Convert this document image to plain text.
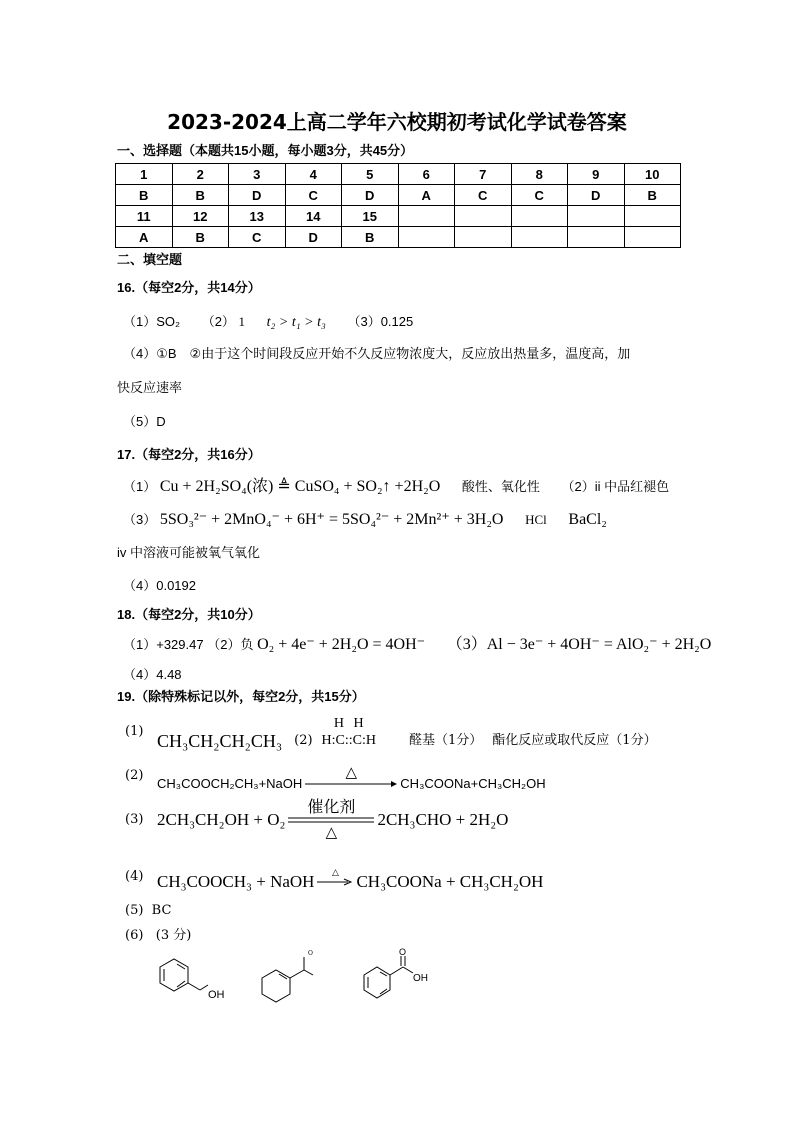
2023-2024上高二学年六校期初考试化学试卷答案
一、选择题（本题共15小题，每小题3分，共45分）
1	2	3	4	5	6	7	8	9	10
B	B	D	C	D	A	C	C	D	B
11	12	13	14	15					
A	B	C	D	B					
二、填空题
16.（每空2分，共14分）
（1）SO₂ （2） 1 t₂ > t₁ > t₃ （3）0.125
（4）①B　②由于这个时间段反应开始不久反应物浓度大，反应放出热量多，温度高，加
快反应速率
（5）D
17.（每空2分，共16分）
（1） Cu + 2H₂SO₄(浓) ≜ CuSO₄ + SO₂↑ +2H₂O 酸性、氧化性 （2）ii 中品红褪色
（3） 5SO₃²⁻ + 2MnO₄⁻ + 6H⁺ = 5SO₄²⁻ + 2Mn²⁺ + 3H₂O HCl BaCl₂
iv 中溶液可能被氧气氧化
（4）0.0192
18.（每空2分，共10分）
（1）+329.47 （2）负 O₂ + 4e⁻ + 2H₂O = 4OH⁻ （3）Al − 3e⁻ + 4OH⁻ = AlO₂⁻ + 2H₂O
（4）4.48
19.（除特殊标记以外，每空2分，共15分）
(1) CH₃CH₂CH₂CH₃ (2)
H H
H:C::C:H	醛基（1分） 酯化反应或取代反应（1分）
(2)
CH₃COOCH₂CH₃+NaOH
△
CH₃COONa+CH₃CH₂OH
(3) 2CH₃CH₂OH + O₂
催化剂
△
2CH₃CHO + 2H₂O
(4) CH₃COOCH₃ + NaOH △ CH₃COONa + CH₃CH₂OH
(5)  BC
(6)   (3 分)
OH
O	O
OH
